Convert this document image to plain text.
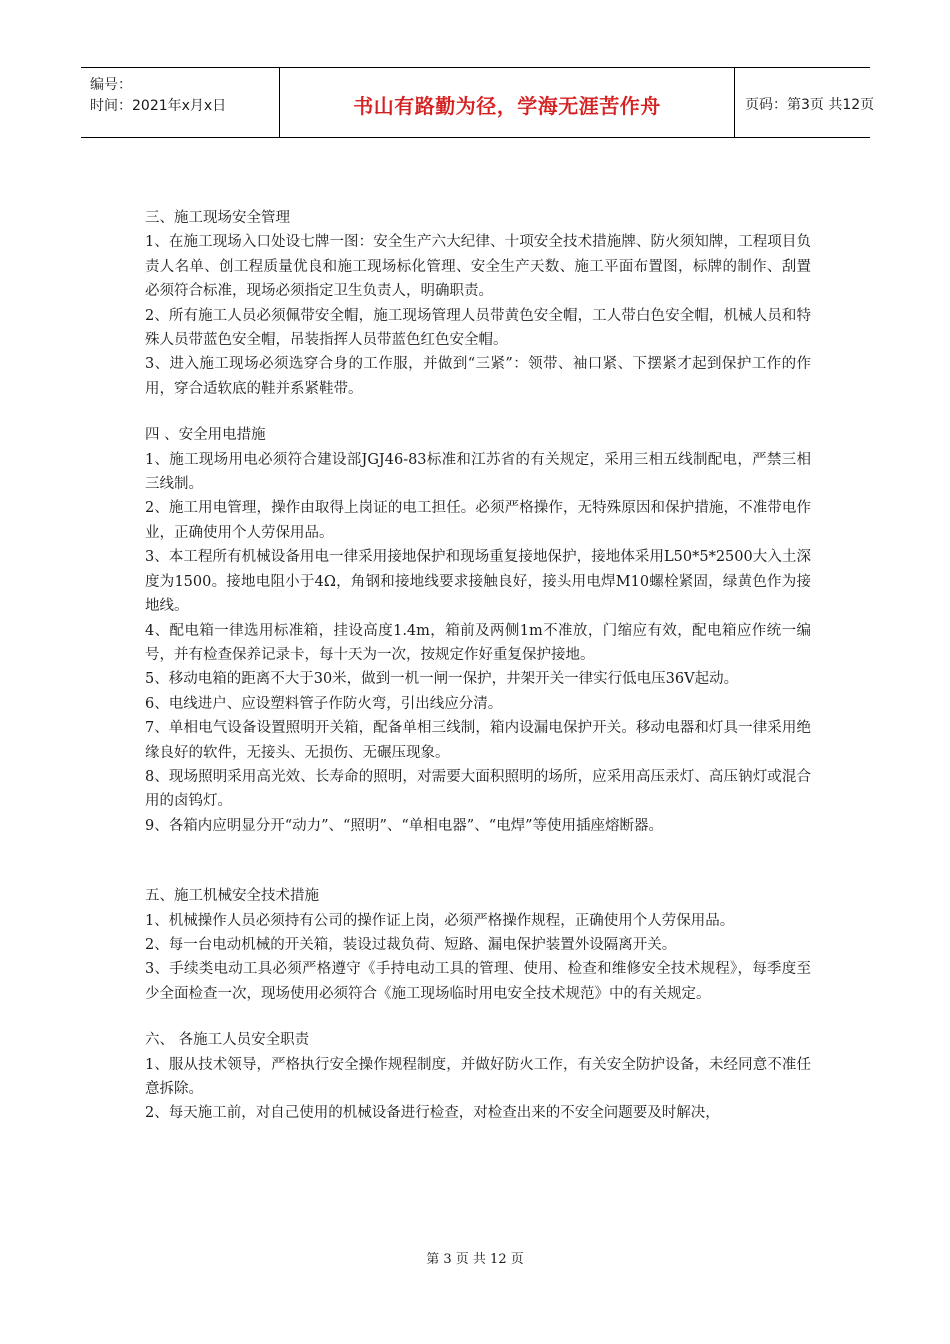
编号：
时间：2021年x月x日	书山有路勤为径，学海无涯苦作舟	页码：第3页 共12页
三、施工现场安全管理

1、在施工现场入口处设七牌一图：安全生产六大纪律、十项安全技术措施牌、防火须知牌，工程项目负责人名单、创工程质量优良和施工现场标化管理、安全生产天数、施工平面布置图，标牌的制作、刮置必须符合标准，现场必须指定卫生负责人，明确职责。

2、所有施工人员必须佩带安全帽，施工现场管理人员带黄色安全帽，工人带白色安全帽，机械人员和特殊人员带蓝色安全帽，吊装指挥人员带蓝色红色安全帽。

3、进入施工现场必须选穿合身的工作服，并做到“三紧”：领带、袖口紧、下摆紧才起到保护工作的作用，穿合适软底的鞋并系紧鞋带。

四 、安全用电措施

1、施工现场用电必须符合建设部JGJ46-83标准和江苏省的有关规定，采用三相五线制配电，严禁三相三线制。

2、施工用电管理，操作由取得上岗证的电工担任。必须严格操作，无特殊原因和保护措施，不准带电作业，正确使用个人劳保用品。

3、本工程所有机械设备用电一律采用接地保护和现场重复接地保护，接地体采用L50*5*2500大入土深度为1500。接地电阻小于4Ω，角钢和接地线要求接触良好，接头用电焊M10螺栓紧固，绿黄色作为接地线。

4、配电箱一律选用标准箱，挂设高度1.4m，箱前及两侧1m不准放，门缩应有效，配电箱应作统一编号，并有检查保养记录卡，每十天为一次，按规定作好重复保护接地。

5、移动电箱的距离不大于30米，做到一机一闸一保护，井架开关一律实行低电压36V起动。

6、电线进户、应设塑料管子作防火弯，引出线应分清。

7、单相电气设备设置照明开关箱，配备单相三线制，箱内设漏电保护开关。移动电器和灯具一律采用绝缘良好的软件，无接头、无损伤、无碾压现象。

8、现场照明采用高光效、长寿命的照明，对需要大面积照明的场所，应采用高压汞灯、高压钠灯或混合用的卤钨灯。

9、各箱内应明显分开“动力”、“照明”、“单相电器”、“电焊”等使用插座熔断器。

五、施工机械安全技术措施

1、机械操作人员必须持有公司的操作证上岗，必须严格操作规程，正确使用个人劳保用品。

2、每一台电动机械的开关箱，装设过裁负荷、短路、漏电保护装置外设隔离开关。

3、手续类电动工具必须严格遵守《手持电动工具的管理、使用、检查和维修安全技术规程》，每季度至少全面检查一次，现场使用必须符合《施工现场临时用电安全技术规范》中的有关规定。

六、 各施工人员安全职责

1、服从技术领导，严格执行安全操作规程制度，并做好防火工作，有关安全防护设备，未经同意不准任意拆除。

2、每天施工前，对自己使用的机械设备进行检查，对检查出来的不安全问题要及时解决，

第 3 页 共 12 页
